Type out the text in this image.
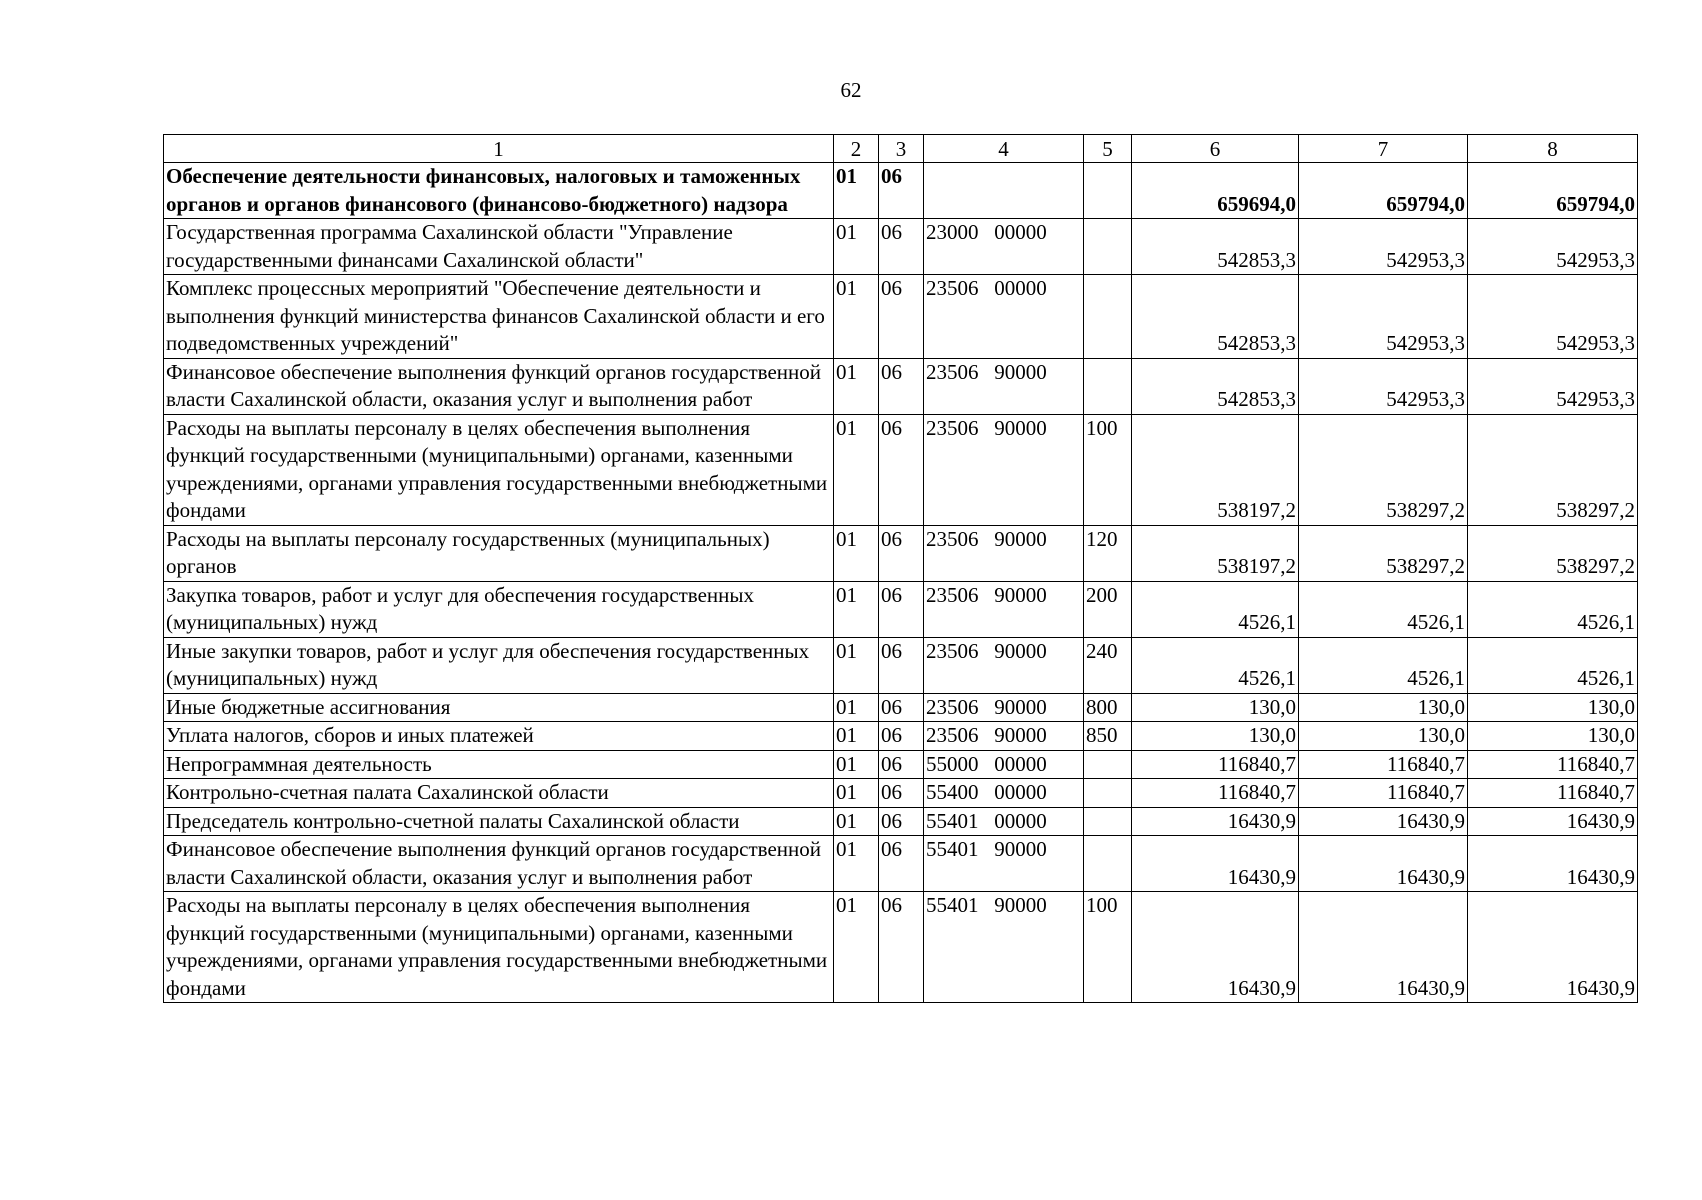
62
1	2	3	4	5	6	7	8
Обеспечение деятельности финансовых, налоговых и таможенных органов и органов финансового (финансово-бюджетного) надзора	01	06			659694,0	659794,0	659794,0
Государственная программа Сахалинской области "Управление государственными финансами Сахалинской области"	01	06	23000   00000		542853,3	542953,3	542953,3
Комплекс процессных мероприятий "Обеспечение деятельности и выполнения функций министерства финансов Сахалинской области и его подведомственных учреждений"	01	06	23506   00000		542853,3	542953,3	542953,3
Финансовое обеспечение выполнения функций органов государственной власти Сахалинской области, оказания услуг и выполнения работ	01	06	23506   90000		542853,3	542953,3	542953,3
Расходы на выплаты персоналу в целях обеспечения выполнения функций государственными (муниципальными) органами, казенными учреждениями, органами управления государственными внебюджетными фондами	01	06	23506   90000	100	538197,2	538297,2	538297,2
Расходы на выплаты персоналу государственных (муниципальных) органов	01	06	23506   90000	120	538197,2	538297,2	538297,2
Закупка товаров, работ и услуг для обеспечения государственных (муниципальных) нужд	01	06	23506   90000	200	4526,1	4526,1	4526,1
Иные закупки товаров, работ и услуг для обеспечения государственных (муниципальных) нужд	01	06	23506   90000	240	4526,1	4526,1	4526,1
Иные бюджетные ассигнования	01	06	23506   90000	800	130,0	130,0	130,0
Уплата налогов, сборов и иных платежей	01	06	23506   90000	850	130,0	130,0	130,0
Непрограммная деятельность	01	06	55000   00000		116840,7	116840,7	116840,7
Контрольно-счетная палата Сахалинской области	01	06	55400   00000		116840,7	116840,7	116840,7
Председатель контрольно-счетной палаты Сахалинской области	01	06	55401   00000		16430,9	16430,9	16430,9
Финансовое обеспечение выполнения функций органов государственной власти Сахалинской области, оказания услуг и выполнения работ	01	06	55401   90000		16430,9	16430,9	16430,9
Расходы на выплаты персоналу в целях обеспечения выполнения функций государственными (муниципальными) органами, казенными учреждениями, органами управления государственными внебюджетными фондами	01	06	55401   90000	100	16430,9	16430,9	16430,9
